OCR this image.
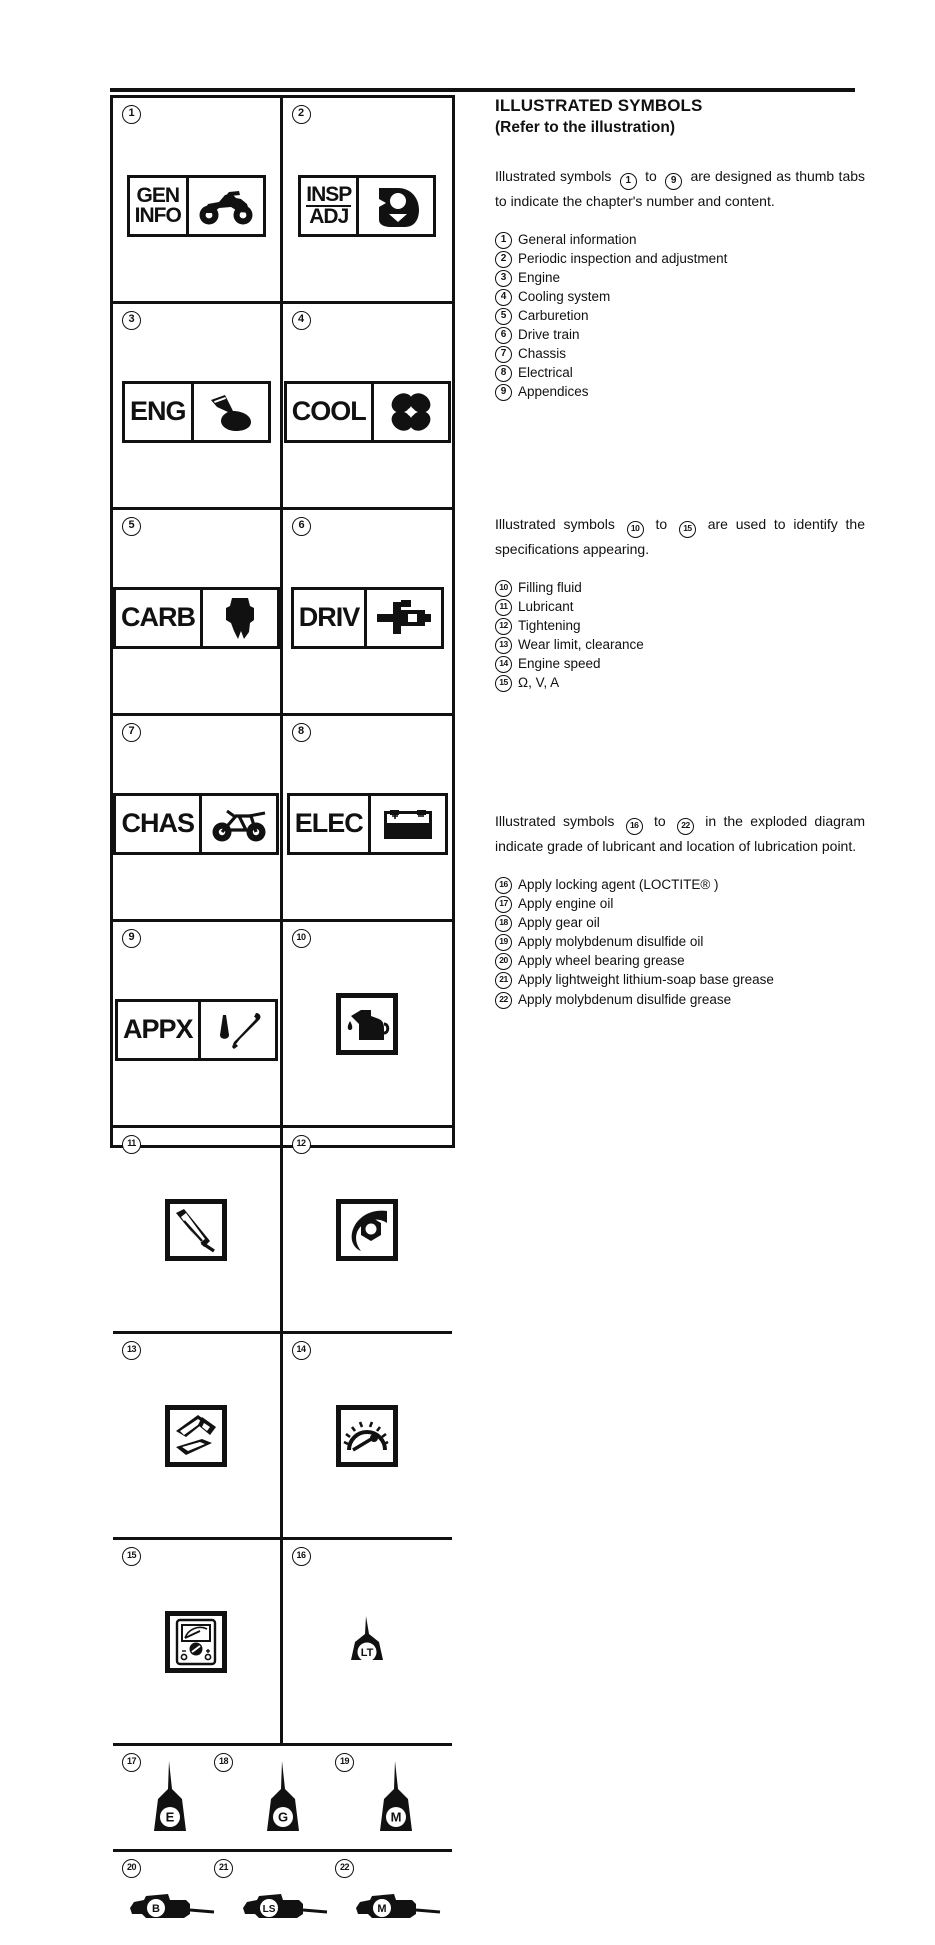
1
GEN
INFO
2
INSP
ADJ
3
ENG
4
COOL
5
CARB
6
DRIV
7
CHAS
8
ELEC
9
APPX
10
11	12
13	14
15	16
LT
17
E
18
G
19
M
20
B
21
LS
22
M
ILLUSTRATED SYMBOLS

(Refer to the illustration)

Illustrated symbols 1 to 9 are designed as thumb tabs to indicate the chapter's number and content.

1 General information
2 Periodic inspection and adjustment
3 Engine
4 Cooling system
5 Carburetion
6 Drive train
7 Chassis
8 Electrical
9 Appendices

Illustrated symbols 10 to 15 are used to identify the specifications appearing.

10 Filling fluid
11 Lubricant
12 Tightening
13 Wear limit, clearance
14 Engine speed
15 Ω, V, A

Illustrated symbols 16 to 22 in the exploded diagram indicate grade of lubricant and location of lubrication point.

16 Apply locking agent (LOCTITE® )
17 Apply engine oil
18 Apply gear oil
19 Apply molybdenum disulfide oil
20 Apply wheel bearing grease
21 Apply lightweight lithium-soap base grease
22 Apply molybdenum disulfide grease
